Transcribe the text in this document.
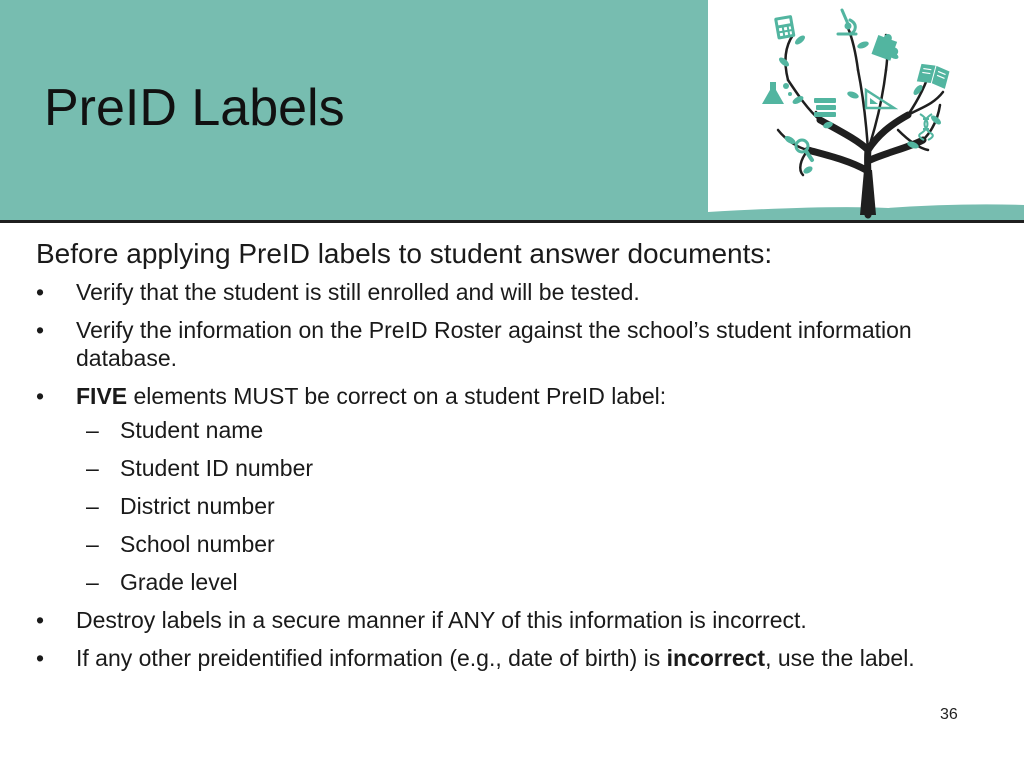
PreID Labels

Before applying PreID labels to student answer documents:

• Verify that the student is still enrolled and will be tested.
• Verify the information on the PreID Roster against the school’s student information database.
• FIVE elements MUST be correct on a student PreID label:
– Student name
– Student ID number
– District number
– School number
– Grade level
• Destroy labels in a secure manner if ANY of this information is incorrect.
• If any other preidentified information (e.g., date of birth) is incorrect, use the label.
36
